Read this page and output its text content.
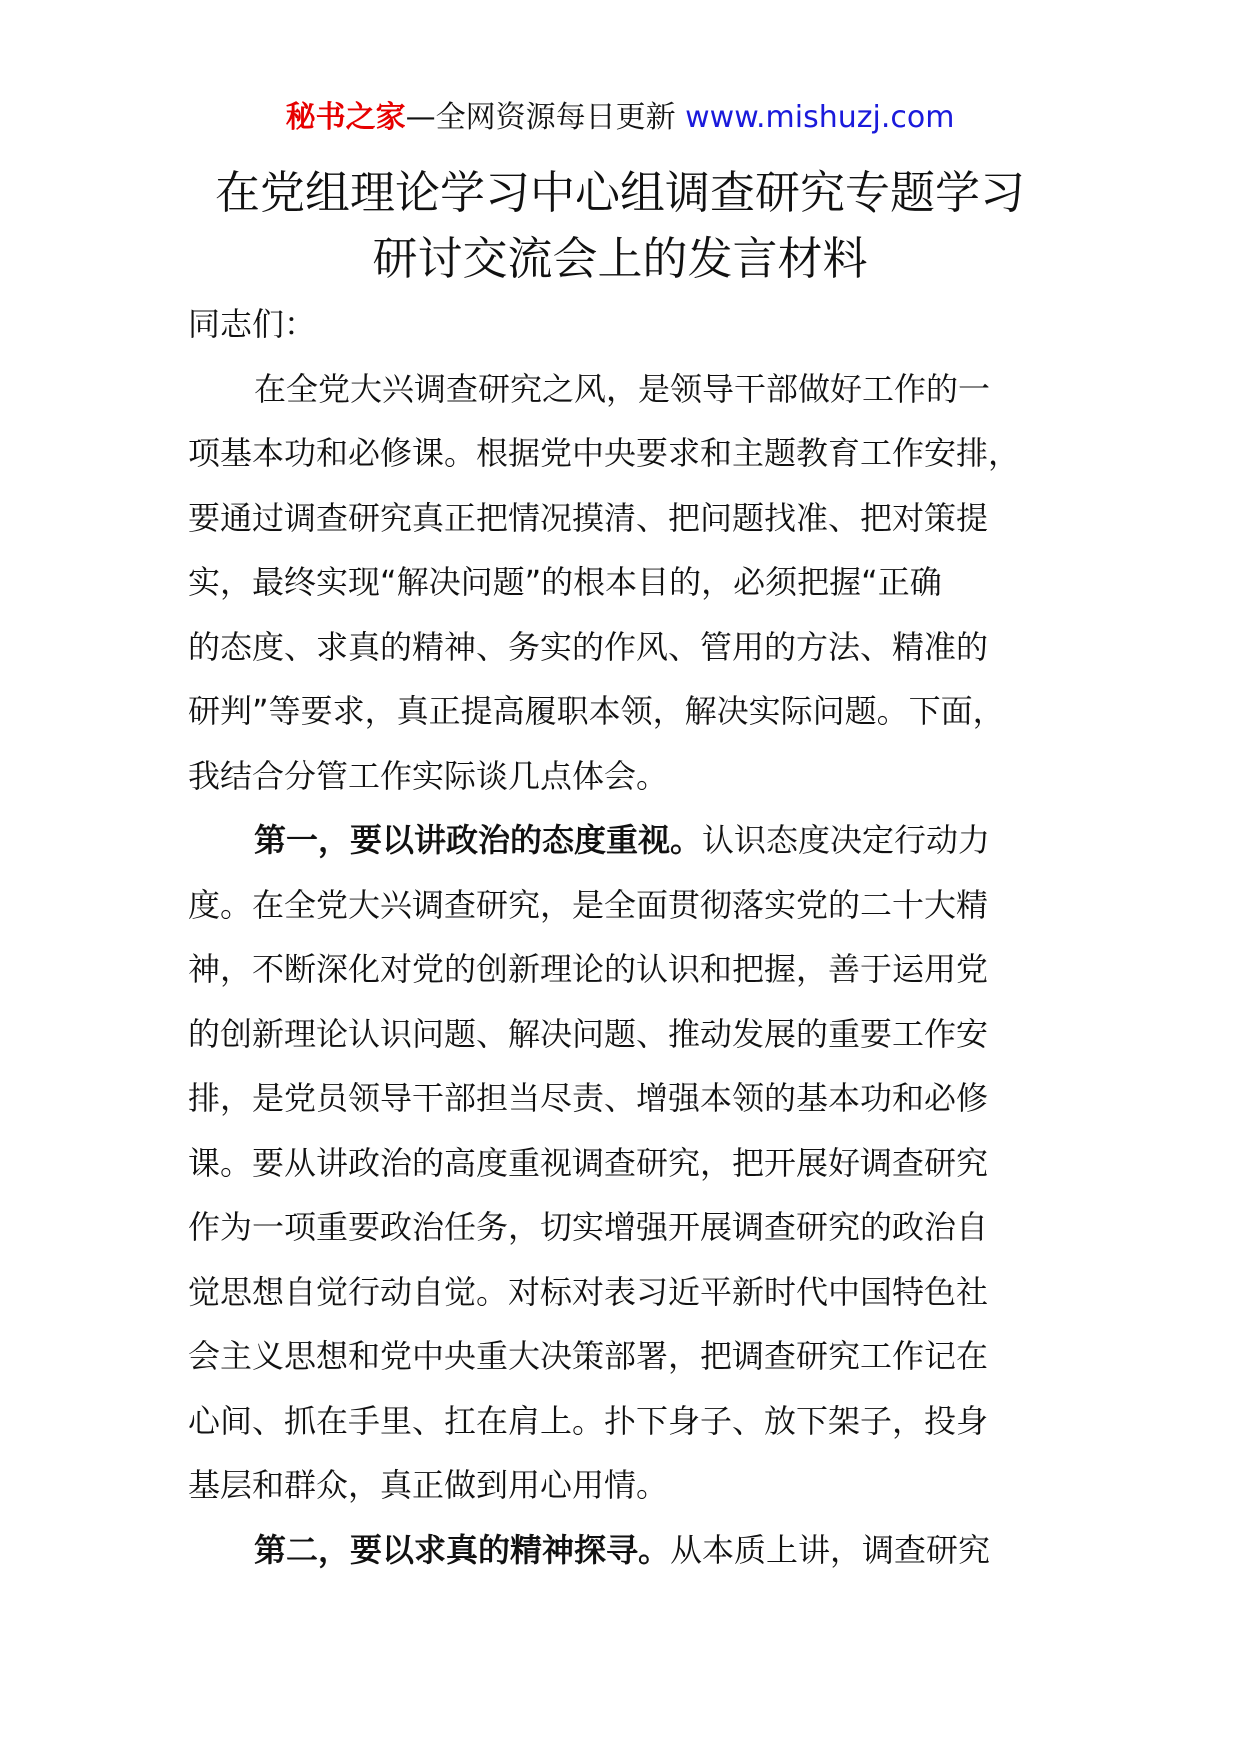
秘书之家—全网资源每日更新 www.mishuzj.com
在党组理论学习中心组调查研究专题学习
研讨交流会上的发言材料
同志们：
在全党大兴调查研究之风，是领导干部做好工作的一
项基本功和必修课。根据党中央要求和主题教育工作安排，
要通过调查研究真正把情况摸清、把问题找准、把对策提
实，最终实现“解决问题”的根本目的，必须把握“正确
的态度、求真的精神、务实的作风、管用的方法、精准的
研判”等要求，真正提高履职本领，解决实际问题。下面，
我结合分管工作实际谈几点体会。
第一，要以讲政治的态度重视。认识态度决定行动力
度。在全党大兴调查研究，是全面贯彻落实党的二十大精
神，不断深化对党的创新理论的认识和把握，善于运用党
的创新理论认识问题、解决问题、推动发展的重要工作安
排，是党员领导干部担当尽责、增强本领的基本功和必修
课。要从讲政治的高度重视调查研究，把开展好调查研究
作为一项重要政治任务，切实增强开展调查研究的政治自
觉思想自觉行动自觉。对标对表习近平新时代中国特色社
会主义思想和党中央重大决策部署，把调查研究工作记在
心间、抓在手里、扛在肩上。扑下身子、放下架子，投身
基层和群众，真正做到用心用情。
第二，要以求真的精神探寻。从本质上讲，调查研究
